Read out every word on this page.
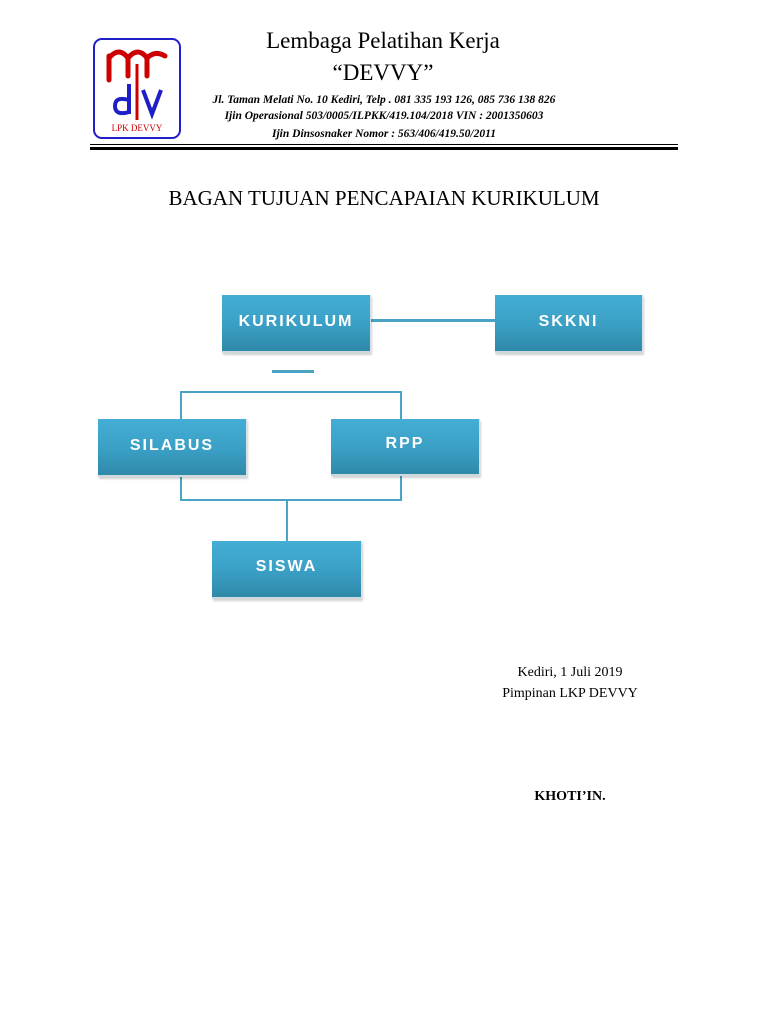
LPK DEVVY
Lembaga Pelatihan Kerja
“DEVVY”
Jl. Taman Melati No. 10 Kediri, Telp . 081 335 193 126, 085 736 138 826
Ijin Operasional 503/0005/ILPKK/419.104/2018 VIN : 2001350603
Ijin Dinsosnaker Nomor : 563/406/419.50/2011
BAGAN TUJUAN PENCAPAIAN KURIKULUM
KURIKULUM	SKKNI
SILABUS	RPP
SISWA
Kediri, 1 Juli 2019
Pimpinan LKP DEVVY
KHOTI’IN.
